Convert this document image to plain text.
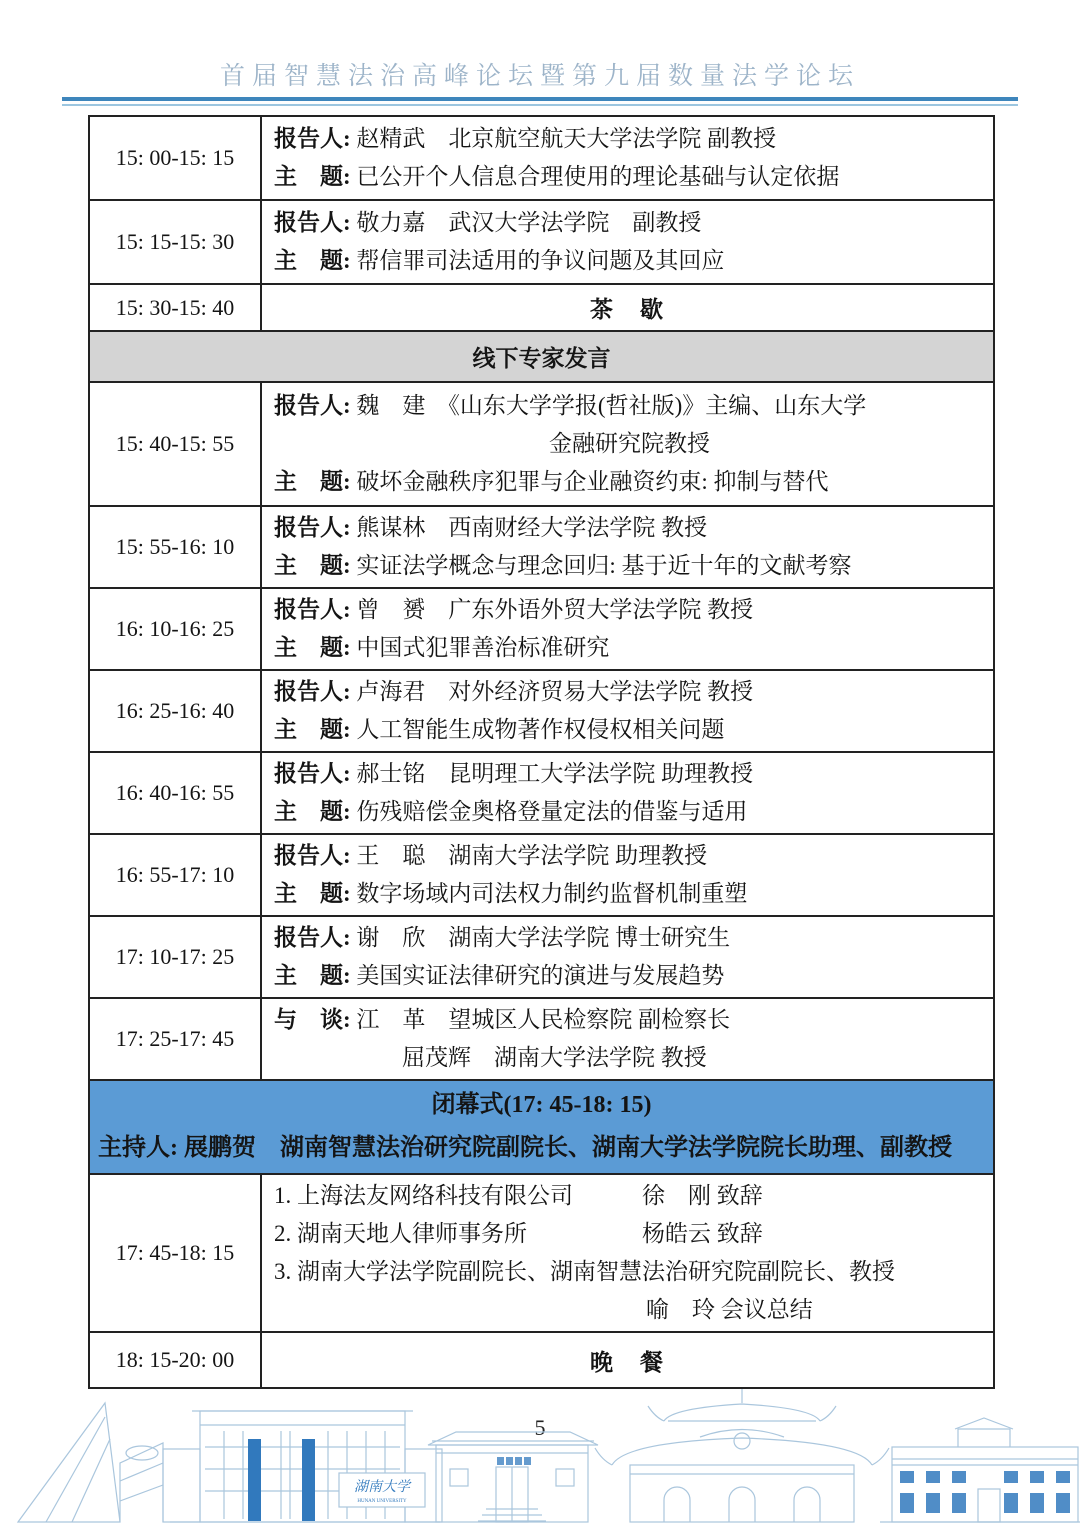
首届智慧法治高峰论坛暨第九届数量法学论坛
15: 00-15: 15
报告人: 赵精武　北京航空航天大学法学院 副教授
主　题: 已公开个人信息合理使用的理论基础与认定依据
15: 15-15: 30
报告人: 敬力嘉　武汉大学法学院　副教授
主　题: 帮信罪司法适用的争议问题及其回应
15: 30-15: 40	茶　歇
线下专家发言
15: 40-15: 55
报告人: 魏　建　《山东大学学报(哲社版)》主编、山东大学
金融研究院教授
主　题: 破坏金融秩序犯罪与企业融资约束: 抑制与替代
15: 55-16: 10
报告人: 熊谋林　西南财经大学法学院 教授
主　题: 实证法学概念与理念回归: 基于近十年的文献考察
16: 10-16: 25
报告人: 曾　赟　广东外语外贸大学法学院 教授
主　题: 中国式犯罪善治标准研究
16: 25-16: 40
报告人: 卢海君　对外经济贸易大学法学院 教授
主　题: 人工智能生成物著作权侵权相关问题
16: 40-16: 55
报告人: 郝士铭　昆明理工大学法学院 助理教授
主　题: 伤残赔偿金奥格登量定法的借鉴与适用
16: 55-17: 10
报告人: 王　聪　湖南大学法学院 助理教授
主　题: 数字场域内司法权力制约监督机制重塑
17: 10-17: 25
报告人: 谢　欣　湖南大学法学院 博士研究生
主　题: 美国实证法律研究的演进与发展趋势
17: 25-17: 45
与　谈: 江　革　望城区人民检察院 副检察长
屈茂辉　湖南大学法学院 教授
闭幕式(17: 45-18: 15)
主持人: 展鹏贺　湖南智慧法治研究院副院长、湖南大学法学院院长助理、副教授
17: 45-18: 15
1. 上海法友网络科技有限公司　　　徐　刚 致辞
2. 湖南天地人律师事务所　　　　　杨皓云 致辞
3. 湖南大学法学院副院长、湖南智慧法治研究院副院长、教授
喻　玲 会议总结
18: 15-20: 00	晚　餐
5
湖南大学
HUNAN UNIVERSITY
